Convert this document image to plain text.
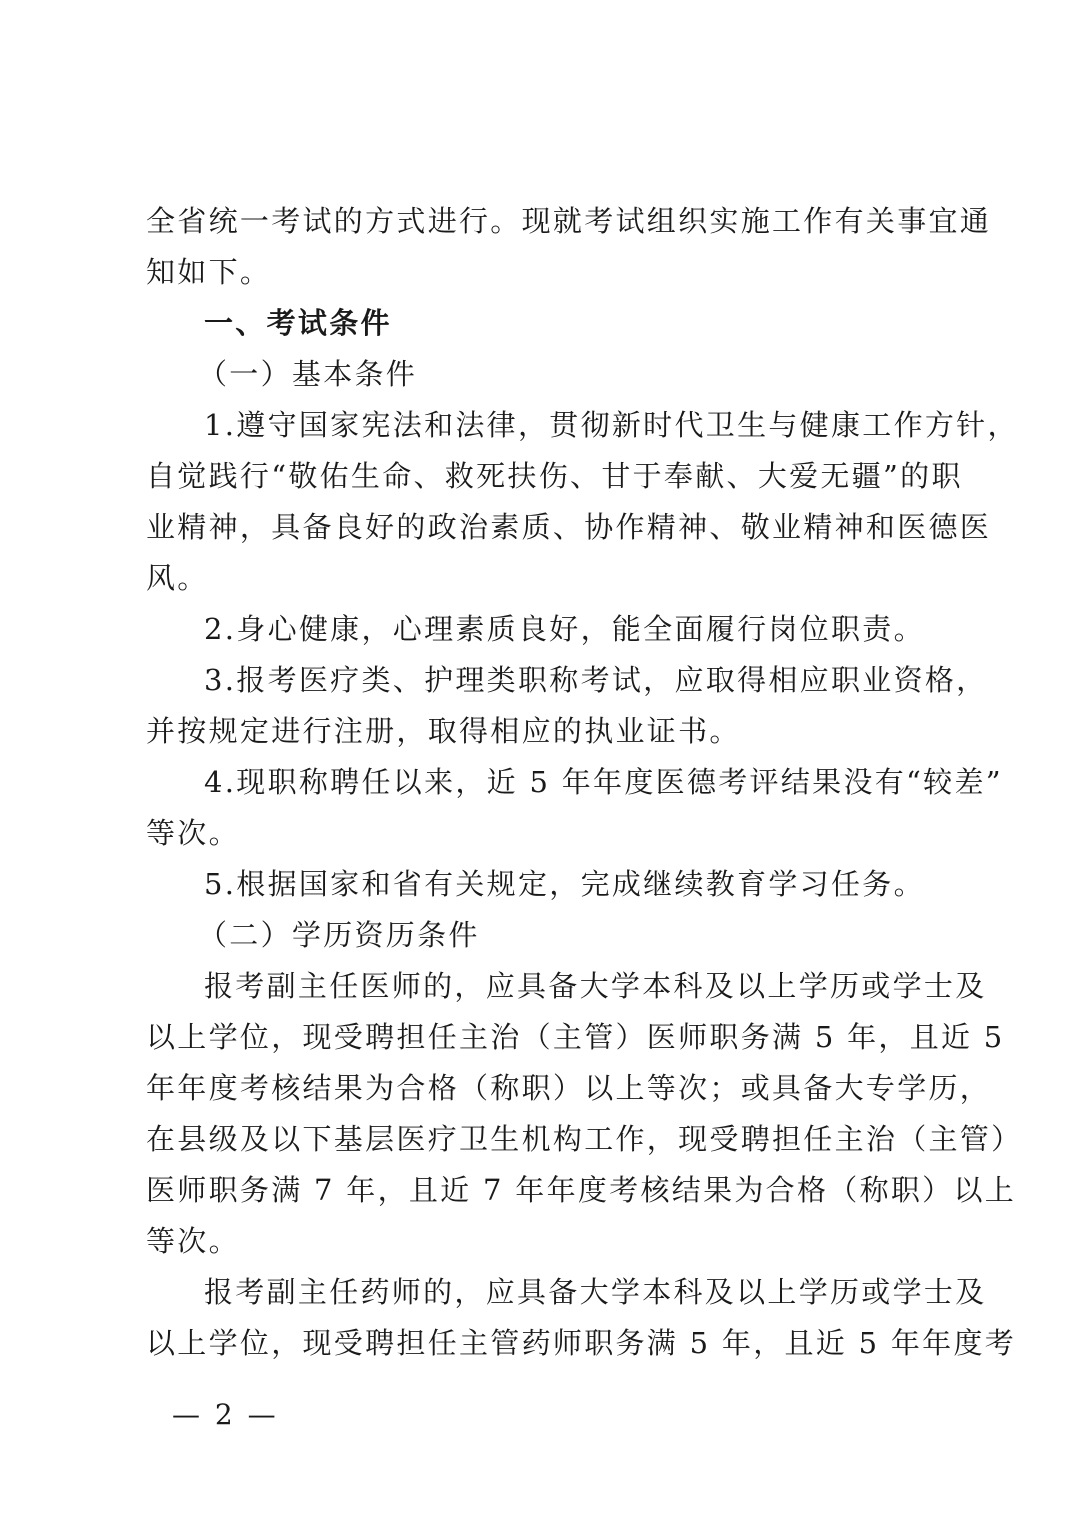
全省统一考试的方式进行。现就考试组织实施工作有关事宜通
知如下。
一、考试条件
（一）基本条件
1.遵守国家宪法和法律，贯彻新时代卫生与健康工作方针，
自觉践行“敬佑生命、救死扶伤、甘于奉献、大爱无疆”的职
业精神，具备良好的政治素质、协作精神、敬业精神和医德医
风。
2.身心健康，心理素质良好，能全面履行岗位职责。
3.报考医疗类、护理类职称考试，应取得相应职业资格，
并按规定进行注册，取得相应的执业证书。
4.现职称聘任以来，近 5 年年度医德考评结果没有“较差”
等次。
5.根据国家和省有关规定，完成继续教育学习任务。
（二）学历资历条件
报考副主任医师的，应具备大学本科及以上学历或学士及
以上学位，现受聘担任主治（主管）医师职务满 5 年，且近 5
年年度考核结果为合格（称职）以上等次；或具备大专学历，
在县级及以下基层医疗卫生机构工作，现受聘担任主治（主管）
医师职务满 7 年，且近 7 年年度考核结果为合格（称职）以上
等次。
报考副主任药师的，应具备大学本科及以上学历或学士及
以上学位，现受聘担任主管药师职务满 5 年，且近 5 年年度考
— 2 —
